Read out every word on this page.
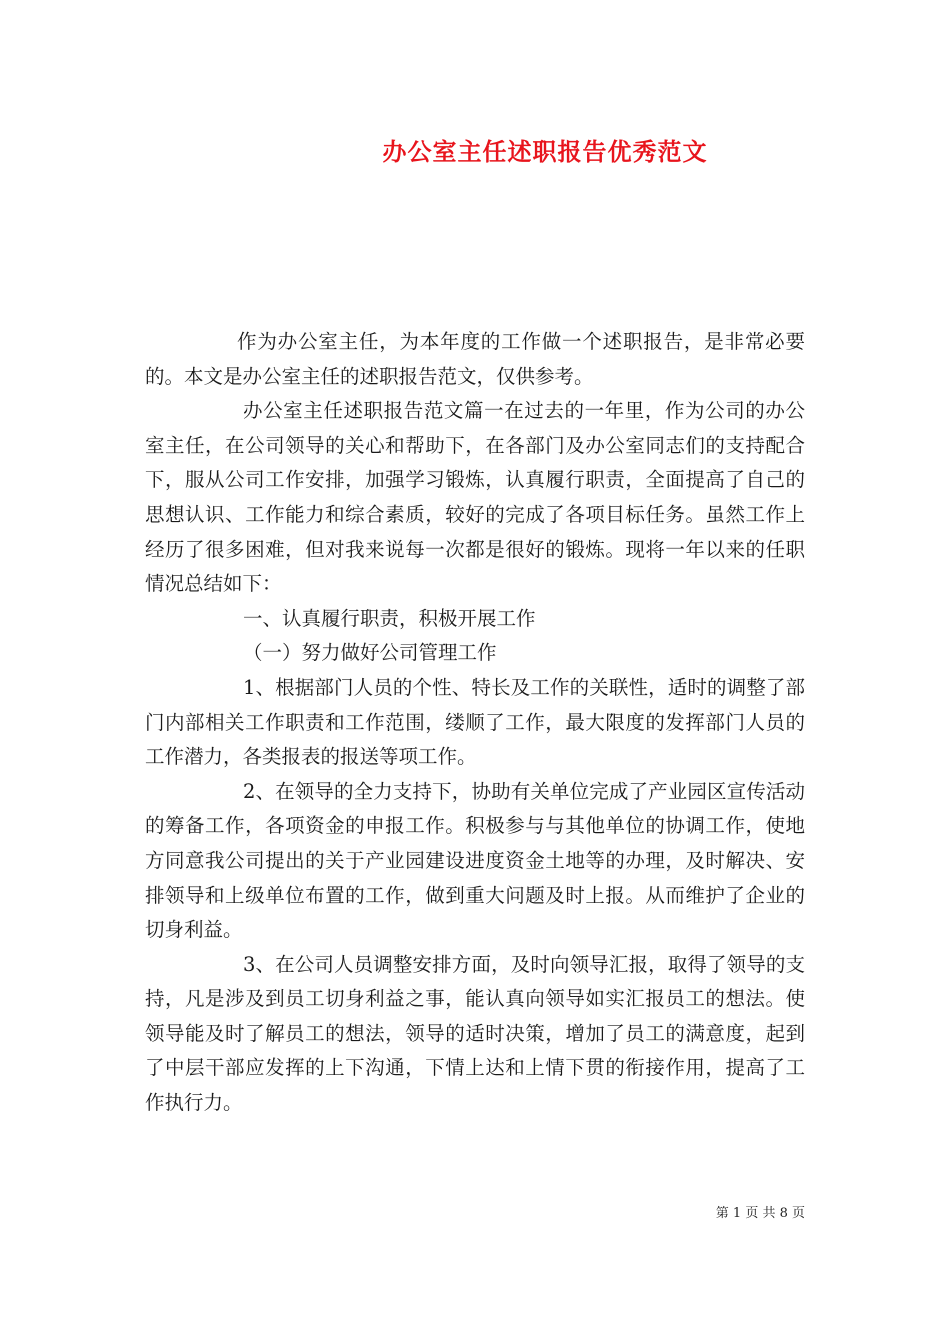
办公室主任述职报告优秀范文

作为办公室主任，为本年度的工作做一个述职报告，是非常必要的。本文是办公室主任的述职报告范文，仅供参考。

办公室主任述职报告范文篇一在过去的一年里，作为公司的办公室主任，在公司领导的关心和帮助下，在各部门及办公室同志们的支持配合下，服从公司工作安排，加强学习锻炼，认真履行职责，全面提高了自己的思想认识、工作能力和综合素质，较好的完成了各项目标任务。虽然工作上经历了很多困难，但对我来说每一次都是很好的锻炼。现将一年以来的任职情况总结如下：

一、认真履行职责，积极开展工作

（一）努力做好公司管理工作

1、根据部门人员的个性、特长及工作的关联性，适时的调整了部门内部相关工作职责和工作范围，缕顺了工作，最大限度的发挥部门人员的工作潜力，各类报表的报送等项工作。

2、在领导的全力支持下，协助有关单位完成了产业园区宣传活动的筹备工作，各项资金的申报工作。积极参与与其他单位的协调工作，使地方同意我公司提出的关于产业园建设进度资金土地等的办理，及时解决、安排领导和上级单位布置的工作，做到重大问题及时上报。从而维护了企业的切身利益。

3、在公司人员调整安排方面，及时向领导汇报，取得了领导的支持，凡是涉及到员工切身利益之事，能认真向领导如实汇报员工的想法。使领导能及时了解员工的想法，领导的适时决策，增加了员工的满意度，起到了中层干部应发挥的上下沟通，下情上达和上情下贯的衔接作用，提高了工作执行力。

第 1 页 共 8 页
